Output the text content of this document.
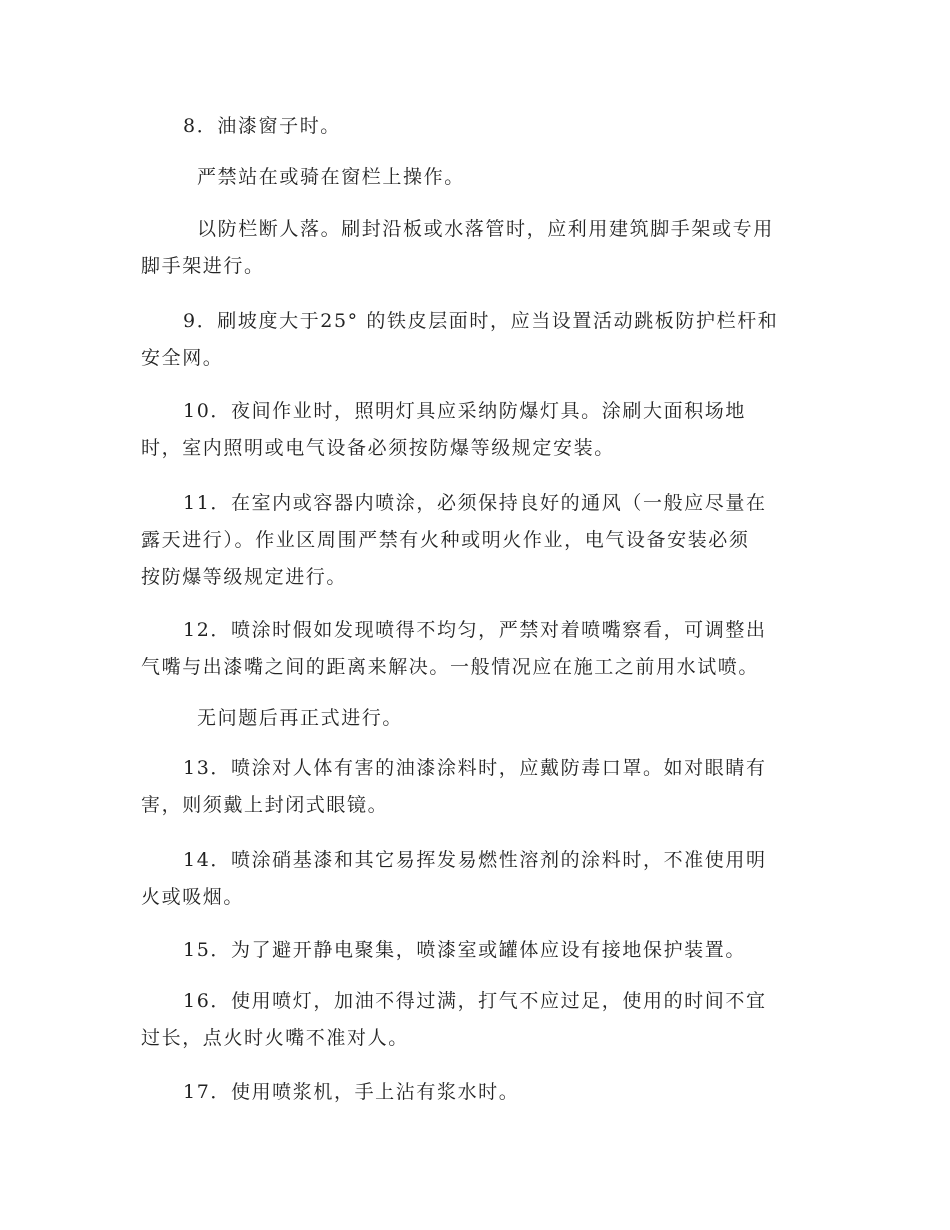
8．油漆窗子时。

严禁站在或骑在窗栏上操作。

以防栏断人落。刷封沿板或水落管时，应利用建筑脚手架或专用
脚手架进行。

9．刷坡度大于25° 的铁皮层面时，应当设置活动跳板防护栏杆和
安全网。

10．夜间作业时，照明灯具应采纳防爆灯具。涂刷大面积场地
时，室内照明或电气设备必须按防爆等级规定安装。

11．在室内或容器内喷涂，必须保持良好的通风（一般应尽量在
露天进行）。作业区周围严禁有火种或明火作业，电气设备安装必须
按防爆等级规定进行。

12．喷涂时假如发现喷得不均匀，严禁对着喷嘴察看，可调整出
气嘴与出漆嘴之间的距离来解决。一般情况应在施工之前用水试喷。

无问题后再正式进行。

13．喷涂对人体有害的油漆涂料时，应戴防毒口罩。如对眼睛有
害，则须戴上封闭式眼镜。

14．喷涂硝基漆和其它易挥发易燃性溶剂的涂料时，不准使用明
火或吸烟。

15．为了避开静电聚集，喷漆室或罐体应设有接地保护装置。

16．使用喷灯，加油不得过满，打气不应过足，使用的时间不宜
过长，点火时火嘴不准对人。

17．使用喷浆机，手上沾有浆水时。
